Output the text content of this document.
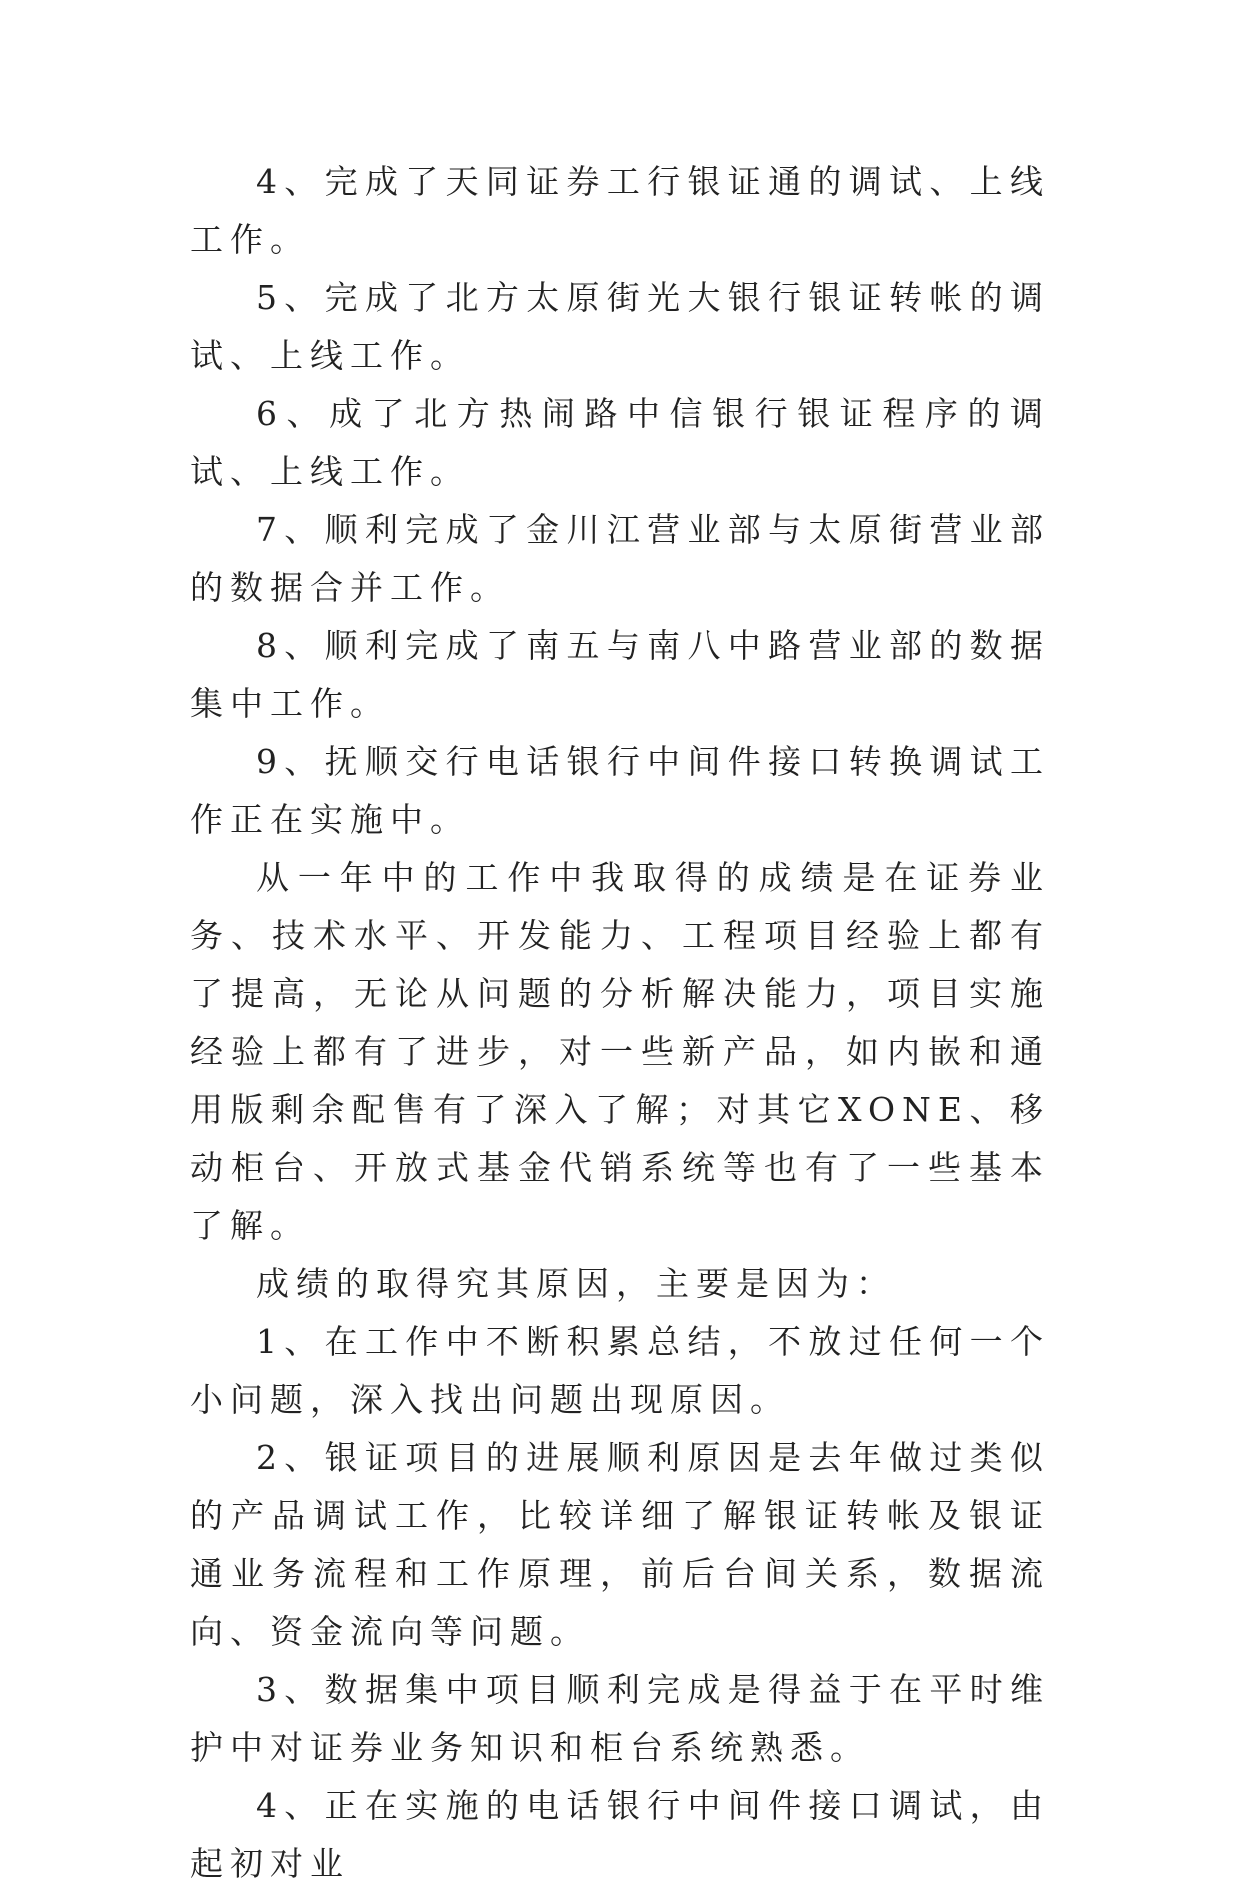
4、完成了天同证券工行银证通的调试、上线工作。

5、完成了北方太原街光大银行银证转帐的调试、上线工作。

6、成了北方热闹路中信银行银证程序的调试、上线工作。

7、顺利完成了金川江营业部与太原街营业部的数据合并工作。

8、顺利完成了南五与南八中路营业部的数据集中工作。

9、抚顺交行电话银行中间件接口转换调试工作正在实施中。

从一年中的工作中我取得的成绩是在证券业务、技术水平、开发能力、工程项目经验上都有了提高，无论从问题的分析解决能力，项目实施经验上都有了进步，对一些新产品，如内嵌和通用版剩余配售有了深入了解；对其它XONE、移动柜台、开放式基金代销系统等也有了一些基本了解。

成绩的取得究其原因，主要是因为：

1、在工作中不断积累总结，不放过任何一个小问题，深入找出问题出现原因。

2、银证项目的进展顺利原因是去年做过类似的产品调试工作，比较详细了解银证转帐及银证通业务流程和工作原理，前后台间关系，数据流向、资金流向等问题。

3、数据集中项目顺利完成是得益于在平时维护中对证券业务知识和柜台系统熟悉。

4、正在实施的电话银行中间件接口调试，由起初对业
